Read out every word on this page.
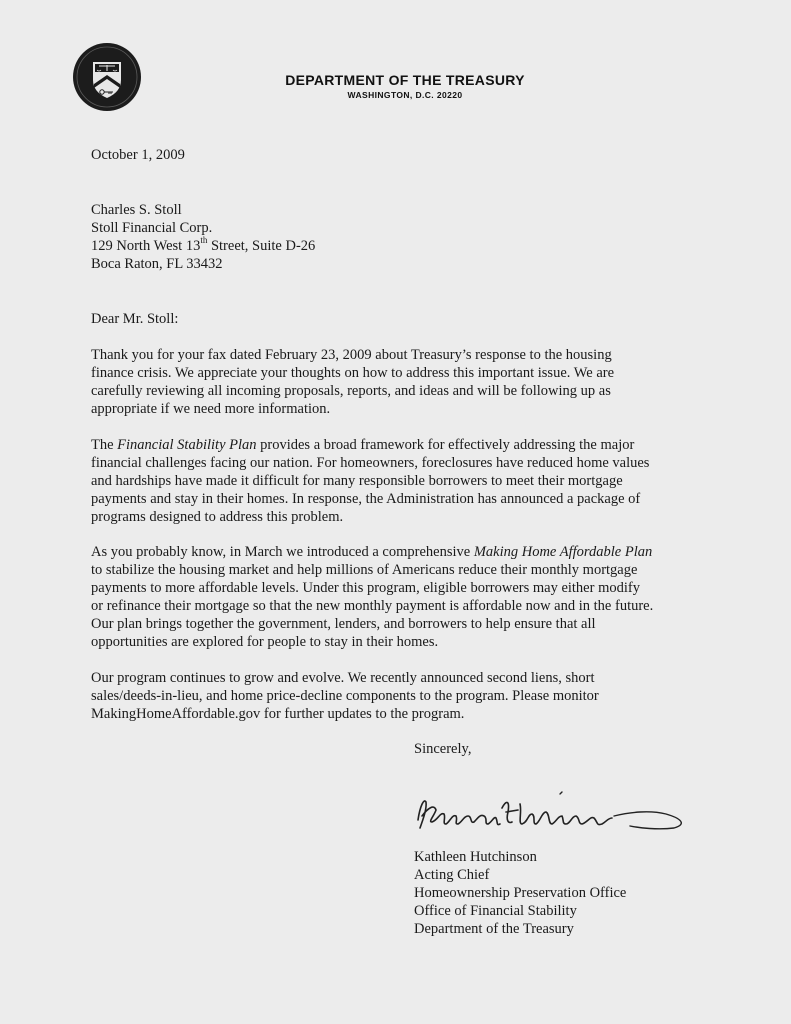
DEPARTMENT OF THE TREASURY
WASHINGTON, D.C. 20220
October 1, 2009
Charles S. Stoll
Stoll Financial Corp.
129 North West 13th Street, Suite D-26
Boca Raton, FL 33432
Dear Mr. Stoll:
Thank you for your fax dated February 23, 2009 about Treasury’s response to the housing
finance crisis. We appreciate your thoughts on how to address this important issue. We are
carefully reviewing all incoming proposals, reports, and ideas and will be following up as
appropriate if we need more information.
The Financial Stability Plan provides a broad framework for effectively addressing the major
financial challenges facing our nation. For homeowners, foreclosures have reduced home values
and hardships have made it difficult for many responsible borrowers to meet their mortgage
payments and stay in their homes. In response, the Administration has announced a package of
programs designed to address this problem.
As you probably know, in March we introduced a comprehensive Making Home Affordable Plan
to stabilize the housing market and help millions of Americans reduce their monthly mortgage
payments to more affordable levels. Under this program, eligible borrowers may either modify
or refinance their mortgage so that the new monthly payment is affordable now and in the future.
Our plan brings together the government, lenders, and borrowers to help ensure that all
opportunities are explored for people to stay in their homes.
Our program continues to grow and evolve. We recently announced second liens, short
sales/deeds-in-lieu, and home price-decline components to the program. Please monitor
MakingHomeAffordable.gov for further updates to the program.
Sincerely,
Kathleen Hutchinson
Acting Chief
Homeownership Preservation Office
Office of Financial Stability
Department of the Treasury
